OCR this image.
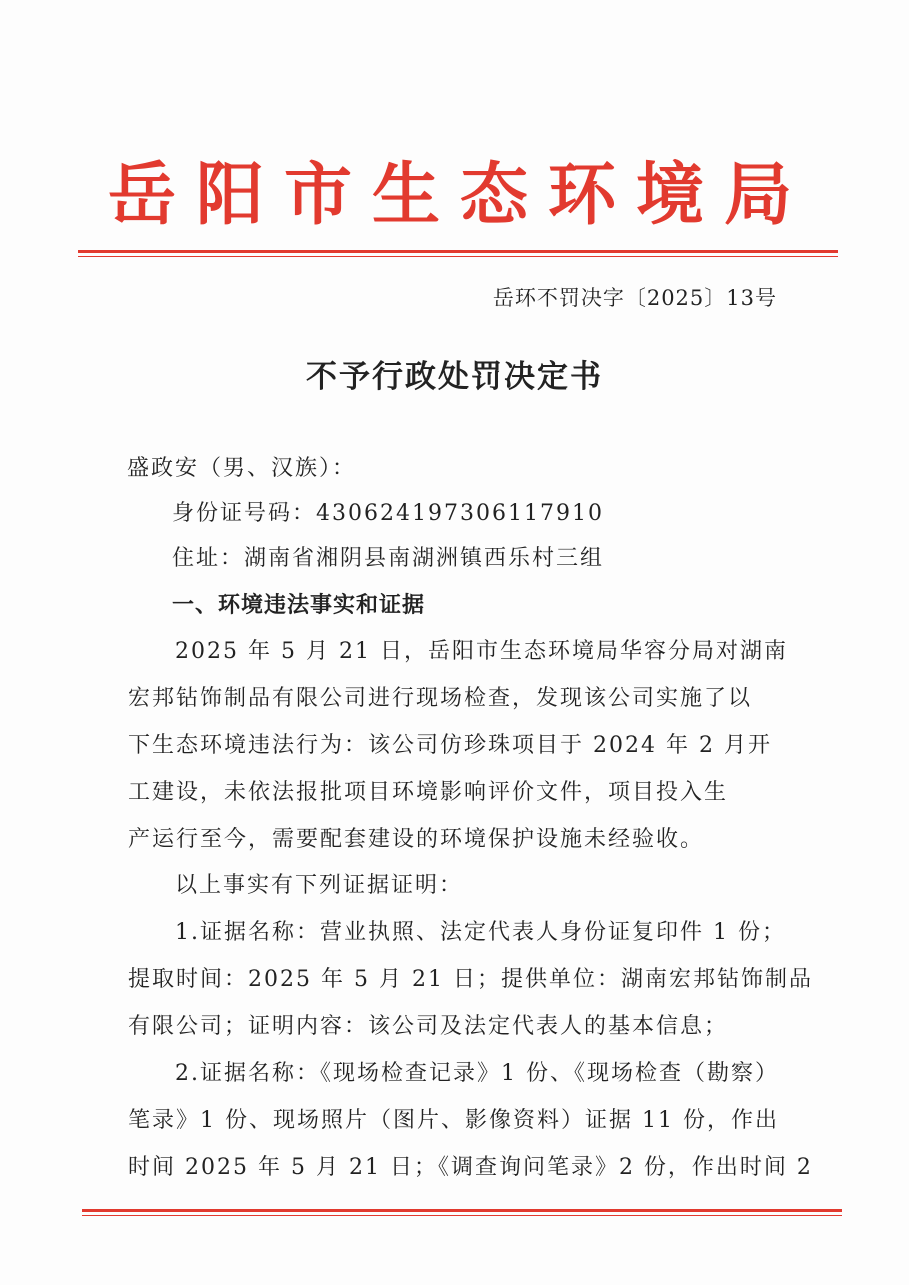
岳阳市生态环境局
岳环不罚决字〔2025〕13号
不予行政处罚决定书
盛政安（男、汉族）：
身份证号码：430624197306117910
住址：湖南省湘阴县南湖洲镇西乐村三组
一、环境违法事实和证据
2025 年 5 月 21 日，岳阳市生态环境局华容分局对湖南
宏邦钻饰制品有限公司进行现场检查，发现该公司实施了以
下生态环境违法行为：该公司仿珍珠项目于 2024 年 2 月开
工建设，未依法报批项目环境影响评价文件，项目投入生
产运行至今，需要配套建设的环境保护设施未经验收。
以上事实有下列证据证明：
1.证据名称：营业执照、法定代表人身份证复印件 1 份；
提取时间：2025 年 5 月 21 日；提供单位：湖南宏邦钻饰制品
有限公司；证明内容：该公司及法定代表人的基本信息；
2.证据名称：《现场检查记录》1 份、《现场检查（勘察）
笔录》1 份、现场照片（图片、影像资料）证据 11 份，作出
时间 2025 年 5 月 21 日；《调查询问笔录》2 份，作出时间 2
